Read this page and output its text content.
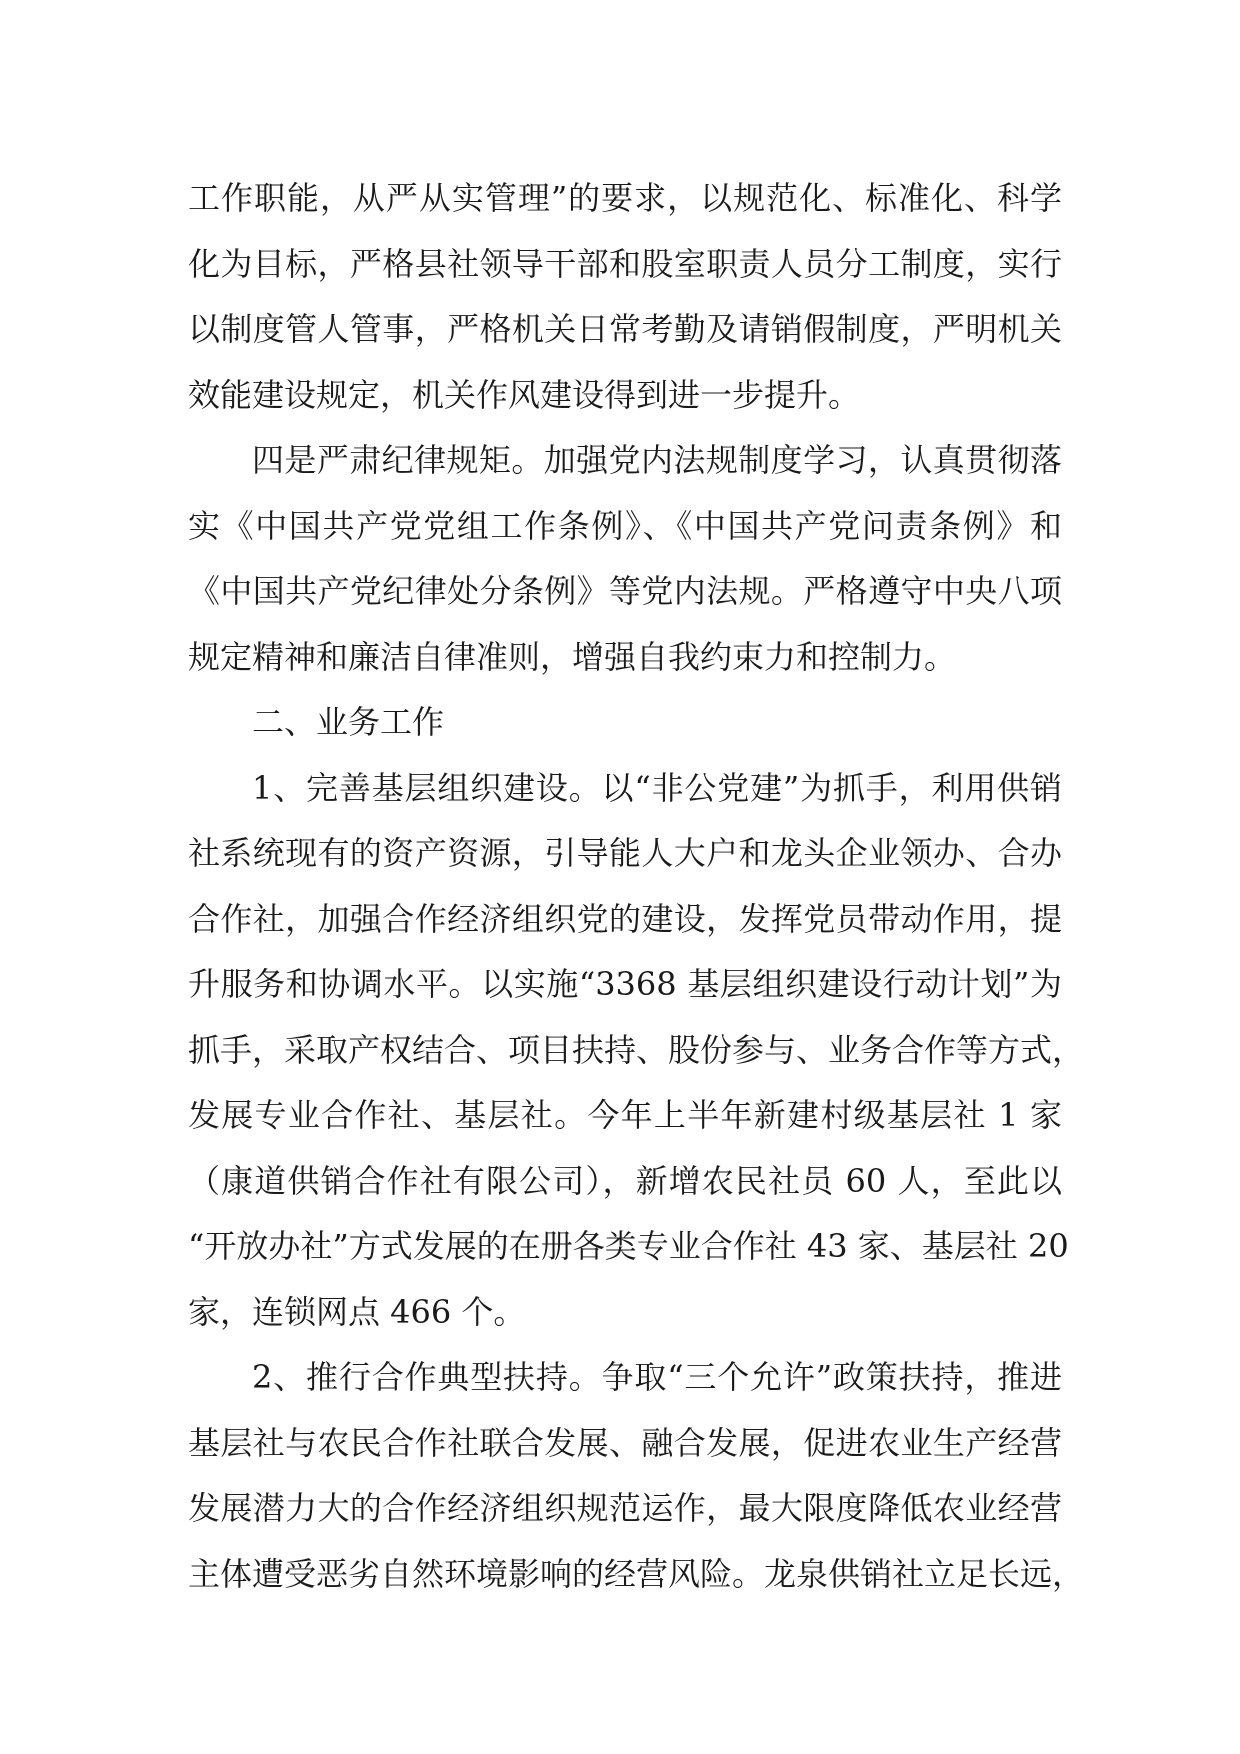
工作职能，从严从实管理”的要求，以规范化、标准化、科学
化为目标，严格县社领导干部和股室职责人员分工制度，实行
以制度管人管事，严格机关日常考勤及请销假制度，严明机关
效能建设规定，机关作风建设得到进一步提升。
四是严肃纪律规矩。加强党内法规制度学习，认真贯彻落
实《中国共产党党组工作条例》、《中国共产党问责条例》和
《中国共产党纪律处分条例》等党内法规。严格遵守中央八项
规定精神和廉洁自律准则，增强自我约束力和控制力。
二、业务工作
1、完善基层组织建设。以“非公党建”为抓手，利用供销
社系统现有的资产资源，引导能人大户和龙头企业领办、合办
合作社，加强合作经济组织党的建设，发挥党员带动作用，提
升服务和协调水平。以实施“3368 基层组织建设行动计划”为
抓手，采取产权结合、项目扶持、股份参与、业务合作等方式，
发展专业合作社、基层社。今年上半年新建村级基层社 1 家
（康道供销合作社有限公司），新增农民社员 60 人，至此以
“开放办社”方式发展的在册各类专业合作社 43 家、基层社 20
家，连锁网点 466 个。
2、推行合作典型扶持。争取“三个允许”政策扶持，推进
基层社与农民合作社联合发展、融合发展，促进农业生产经营
发展潜力大的合作经济组织规范运作，最大限度降低农业经营
主体遭受恶劣自然环境影响的经营风险。龙泉供销社立足长远，
